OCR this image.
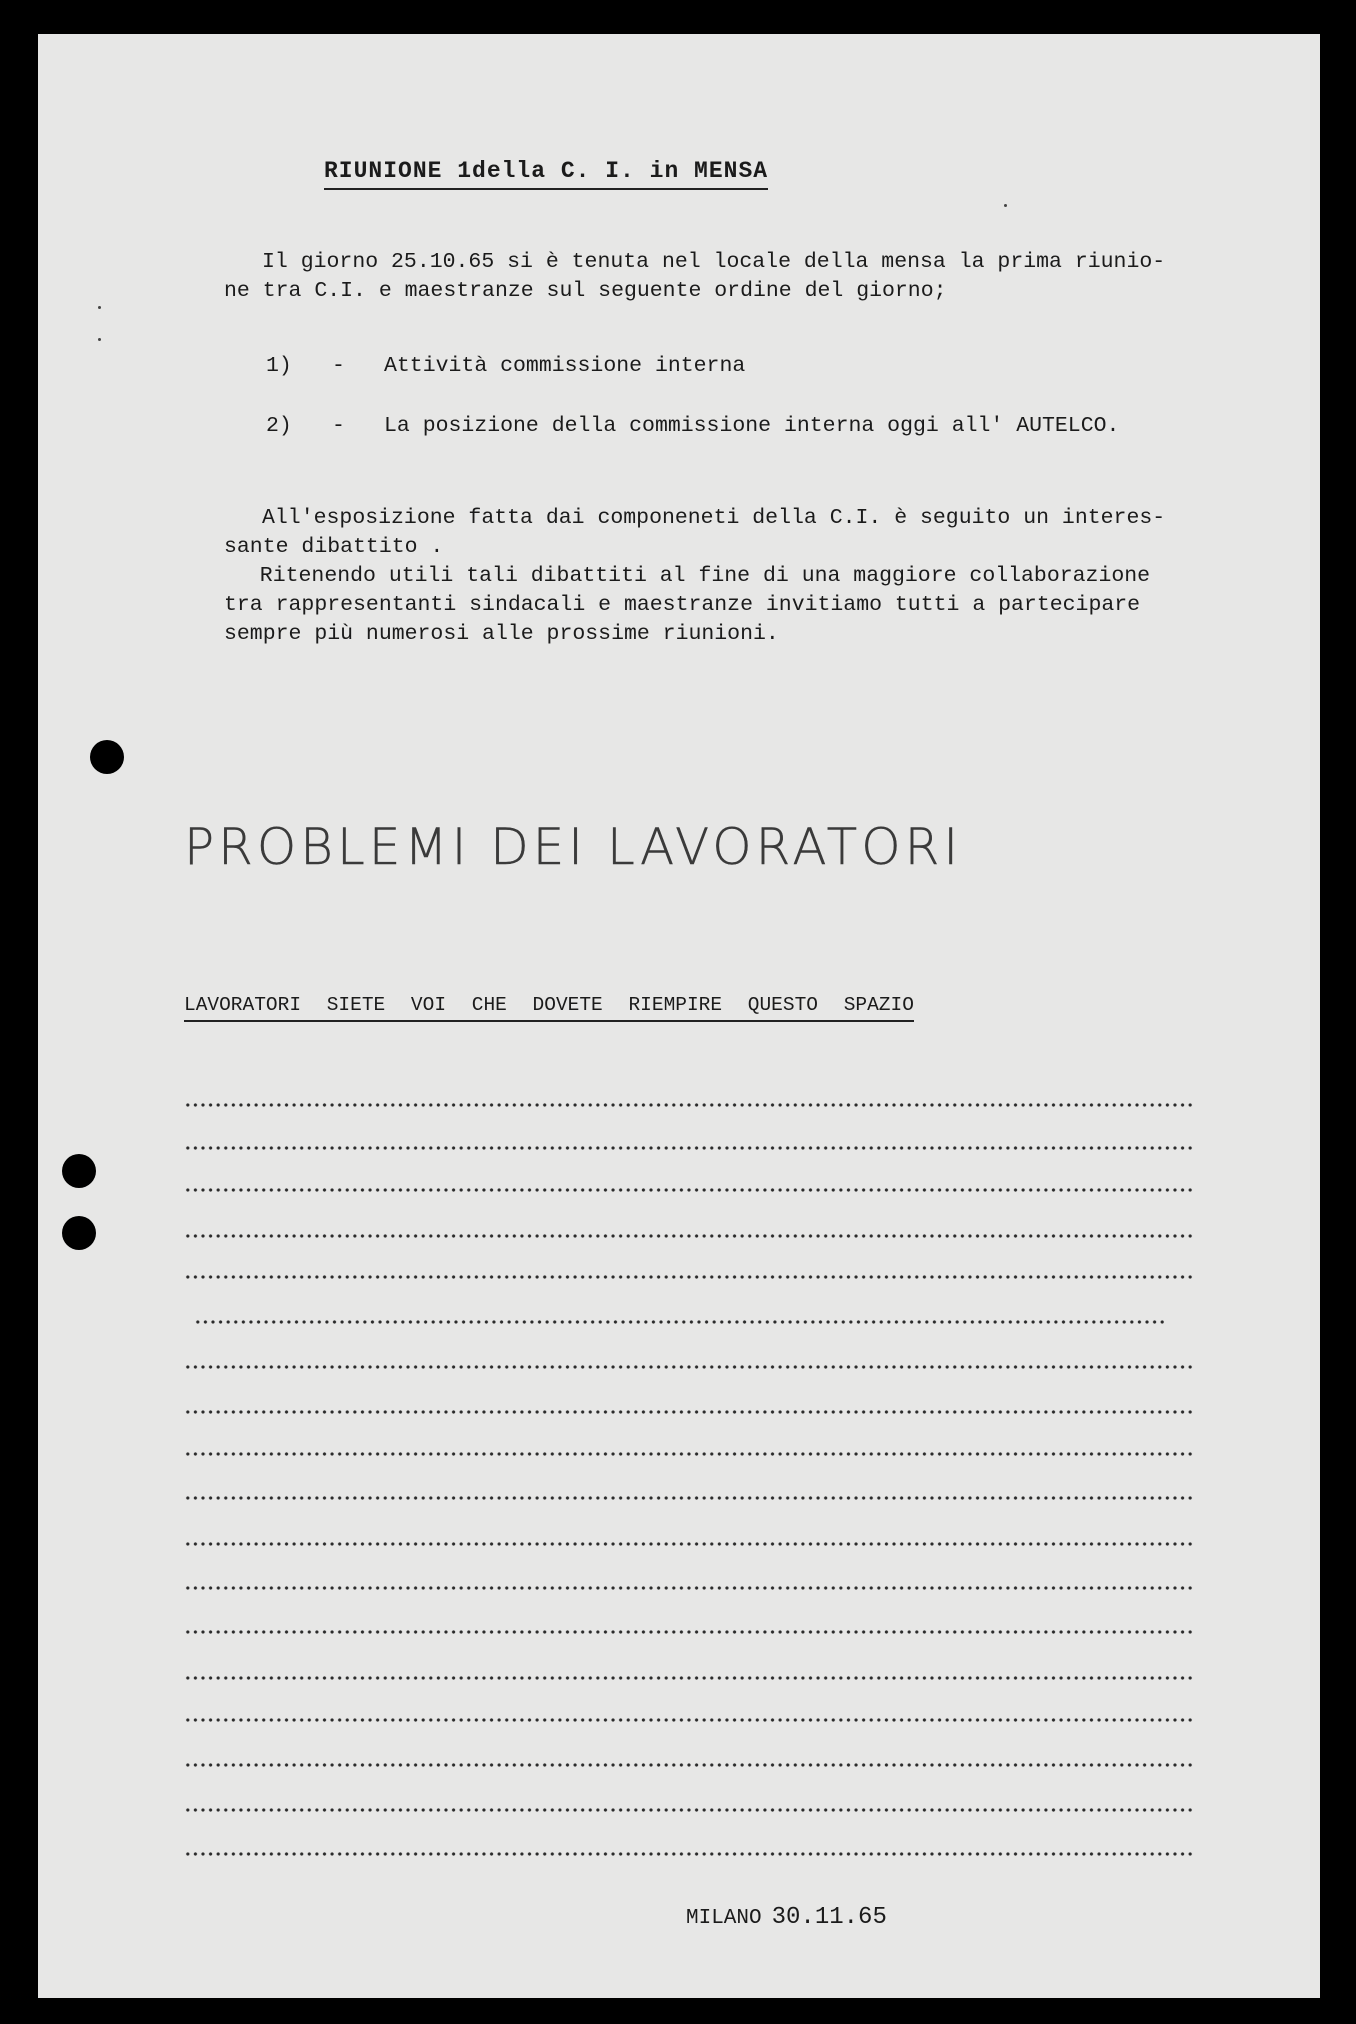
RIUNIONE 1della C. I. in MENSA

Il giorno 25.10.65 si è tenuta nel locale della mensa la prima riunio-

ne tra C.I. e maestranze sul seguente ordine del giorno;

1) - Attività commissione interna
2) - La posizione della commissione interna oggi all' AUTELCO.

All'esposizione fatta dai componeneti della C.I. è seguito un interes-

sante dibattito .

Ritenendo utili tali dibattiti al fine di una maggiore collaborazione

tra rappresentanti sindacali e maestranze invitiamo tutti a partecipare

sempre più numerosi alle prossime riunioni.

PROBLEMI DEI LAVORATORI

LAVORATORI SIETE VOI CHE DOVETE RIEMPIRE QUESTO SPAZIO

MILANO 30.11.65
